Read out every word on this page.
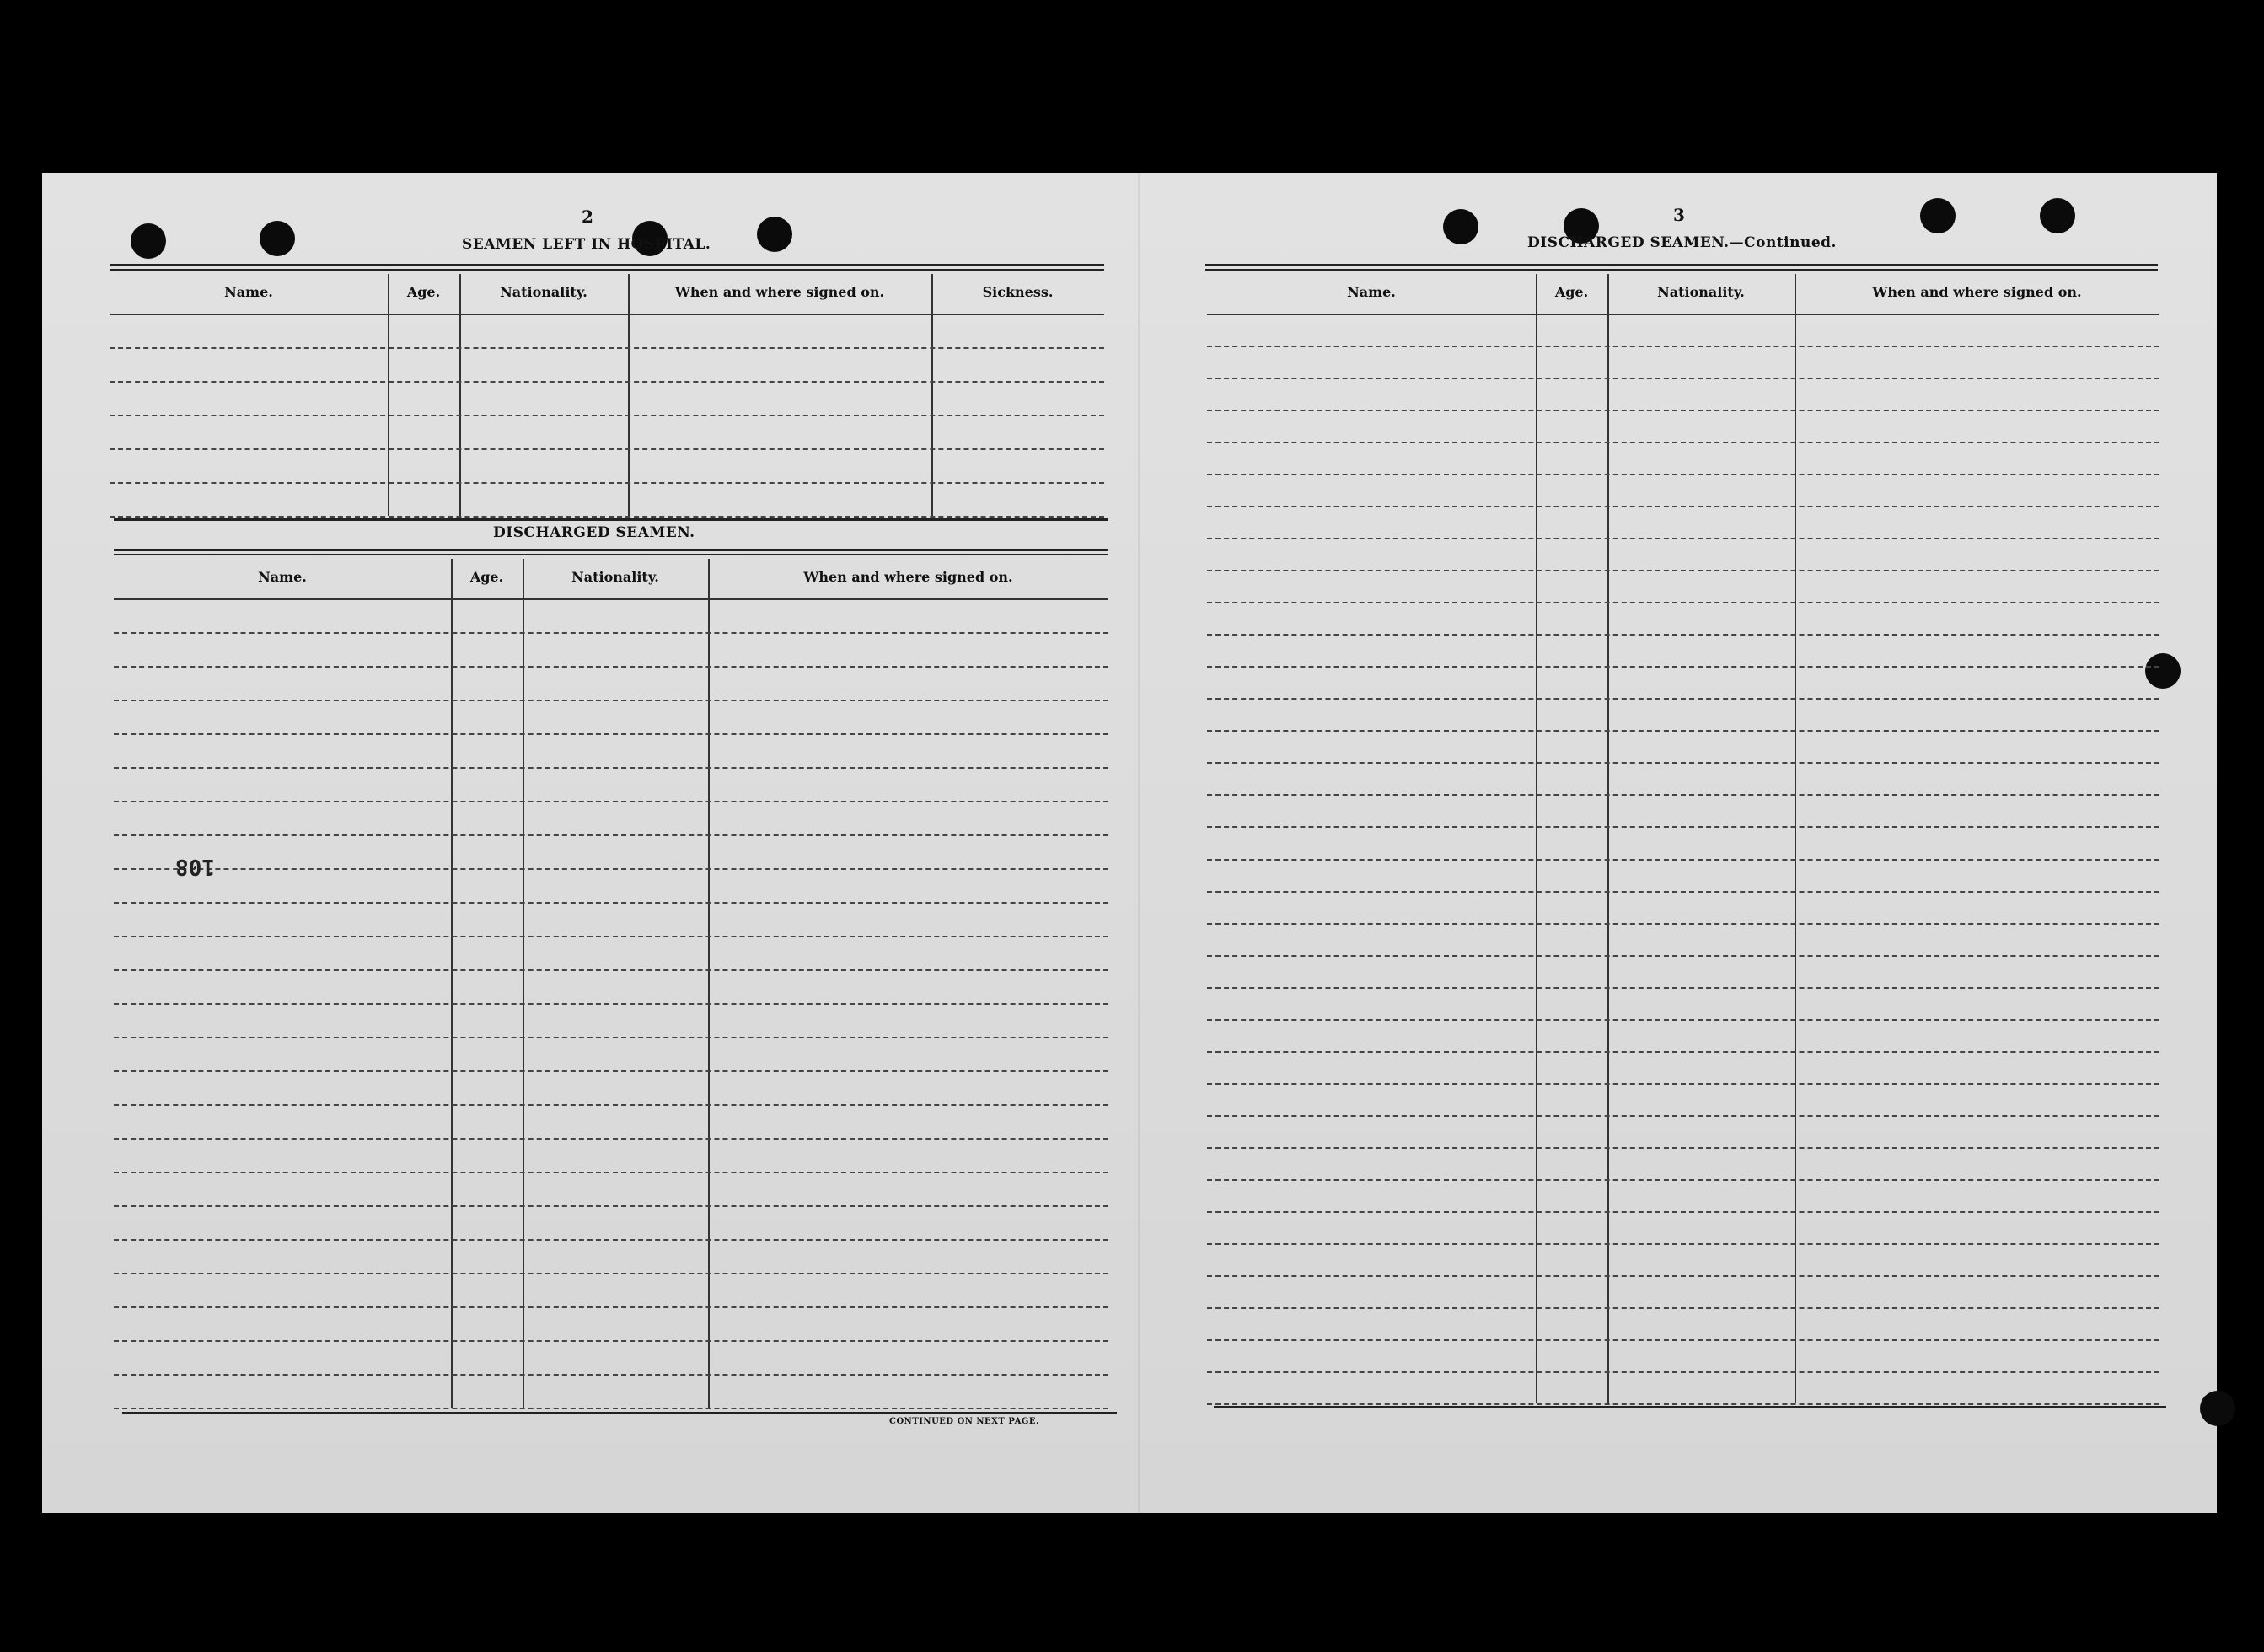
2
SEAMEN LEFT IN HOSPITAL.
Name.	Age.	Nationality.	When and where signed on.	Sickness.
DISCHARGED SEAMEN.
Name.	Age.	Nationality.	When and where signed on.
CONTINUED ON NEXT PAGE.
108
3
DISCHARGED SEAMEN.—Continued.
Name.	Age.	Nationality.	When and where signed on.
